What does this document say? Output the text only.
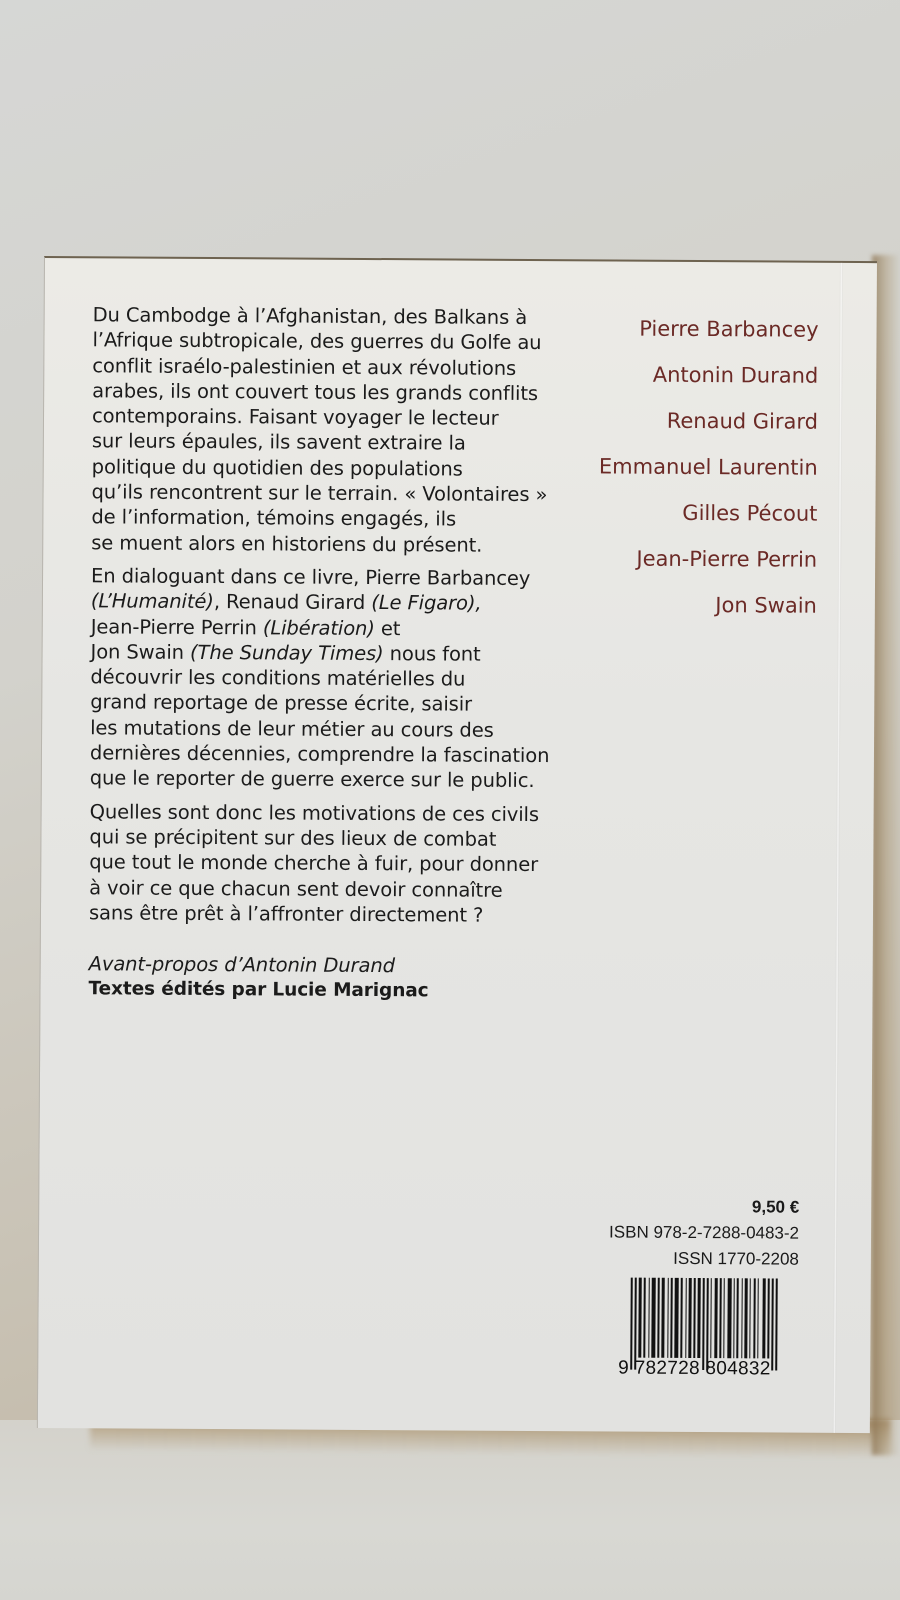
Du Cambodge à l’Afghanistan, des Balkans à
l’Afrique subtropicale, des guerres du Golfe au
conflit israélo-palestinien et aux révolutions
arabes, ils ont couvert tous les grands conflits
contemporains. Faisant voyager le lecteur
sur leurs épaules, ils savent extraire la
politique du quotidien des populations
qu’ils rencontrent sur le terrain. « Volontaires »
de l’information, témoins engagés, ils
se muent alors en historiens du présent.

En dialoguant dans ce livre, Pierre Barbancey
(L’Humanité), Renaud Girard (Le Figaro),
Jean-Pierre Perrin (Libération) et
Jon Swain (The Sunday Times) nous font
découvrir les conditions matérielles du
grand reportage de presse écrite, saisir
les mutations de leur métier au cours des
dernières décennies, comprendre la fascination
que le reporter de guerre exerce sur le public.

Quelles sont donc les motivations de ces civils
qui se précipitent sur des lieux de combat
que tout le monde cherche à fuir, pour donner
à voir ce que chacun sent devoir connaître
sans être prêt à l’affronter directement ?

Avant-propos d’Antonin Durand
Textes édités par Lucie Marignac
Pierre Barbancey
Antonin Durand
Renaud Girard
Emmanuel Laurentin
Gilles Pécout
Jean-Pierre Perrin
Jon Swain
9,50 €
ISBN 978-2-7288-0483-2
ISSN 1770-2208
9 782728 804832
